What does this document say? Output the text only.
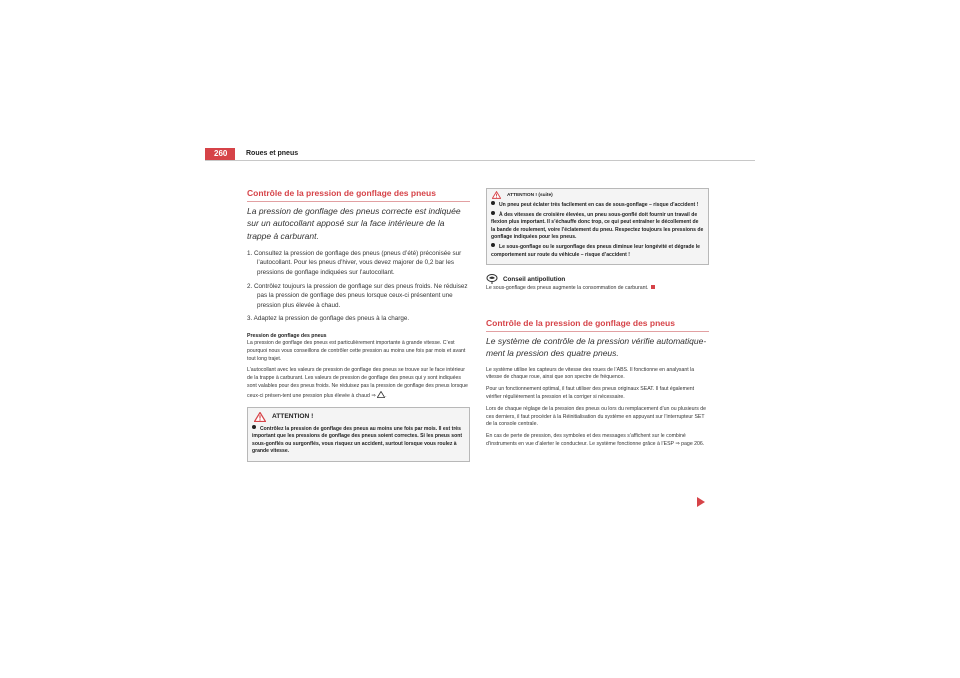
260	Roues et pneus
Contrôle de la pression de gonflage des pneus

La pression de gonflage des pneus correcte est indiquée sur un autocollant apposé sur la face intérieure de la trappe à carburant.

1. Consultez la pression de gonflage des pneus (pneus d’été) préconisée sur l’autocollant. Pour les pneus d’hiver, vous devez majorer de 0,2 bar les pressions de gonflage indiquées sur l’autocollant.
2. Contrôlez toujours la pression de gonflage sur des pneus froids. Ne réduisez pas la pression de gonflage des pneus lorsque ceux-ci présentent une pression plus élevée à chaud.
3. Adaptez la pression de gonflage des pneus à la charge.
Pression de gonflage des pneus

La pression de gonflage des pneus est particulièrement importante à grande vitesse. C’est pourquoi nous vous conseillons de contrôler cette pression au moins une fois par mois et avant tout long trajet.

L’autocollant avec les valeurs de pression de gonflage des pneus se trouve sur le face intérieur de la trappe à carburant. Les valeurs de pression de gonflage des pneus qui y sont indiquées sont valables pour des pneus froids. Ne réduisez pas la pression de gonflage des pneus lorsque ceux-ci présen-tent une pression plus élevée à chaud ⇒ .

ATTENTION !

Contrôlez la pression de gonflage des pneus au moins une fois par mois. Il est très important que les pressions de gonflage des pneus soient correctes. Si les pneus sont sous-gonflés ou surgonflés, vous risquez un accident, surtout lorsque vous roulez à grande vitesse.

ATTENTION ! (suite)

Un pneu peut éclater très facilement en cas de sous-gonflage – risque d’accident !

À des vitesses de croisière élevées, un pneu sous-gonflé doit fournir un travail de flexion plus important. Il s’échauffe donc trop, ce qui peut entraîner le décollement de la bande de roulement, voire l’éclatement du pneu. Respectez toujours les pressions de gonflage indiquées pour les pneus.

Le sous-gonflage ou le surgonflage des pneus diminue leur longévité et dégrade le comportement sur route du véhicule – risque d’accident !

Conseil antipollution

Le sous-gonflage des pneus augmente la consommation de carburant.

Contrôle de la pression de gonflage des pneus

Le système de contrôle de la pression vérifie automatique-ment la pression des quatre pneus.

Le système utilise les capteurs de vitesse des roues de l’ABS. Il fonctionne en analysant la vitesse de chaque roue, ainsi que son spectre de fréquence.

Pour un fonctionnement optimal, il faut utiliser des pneus originaux SEAT. Il faut également vérifier régulièrement la pression et la corriger si nécessaire.

Lors de chaque réglage de la pression des pneus ou lors du remplacement d’un ou plusieurs de ces derniers, il faut procéder à la Réinitialisation du système en appuyant sur l’interrupteur SET de la console centrale.

En cas de perte de pression, des symboles et des messages s’affichent sur le combiné d’instruments en vue d’alerter le conducteur. Le système fonctionne grâce à l’ESP ⇒ page 206.
